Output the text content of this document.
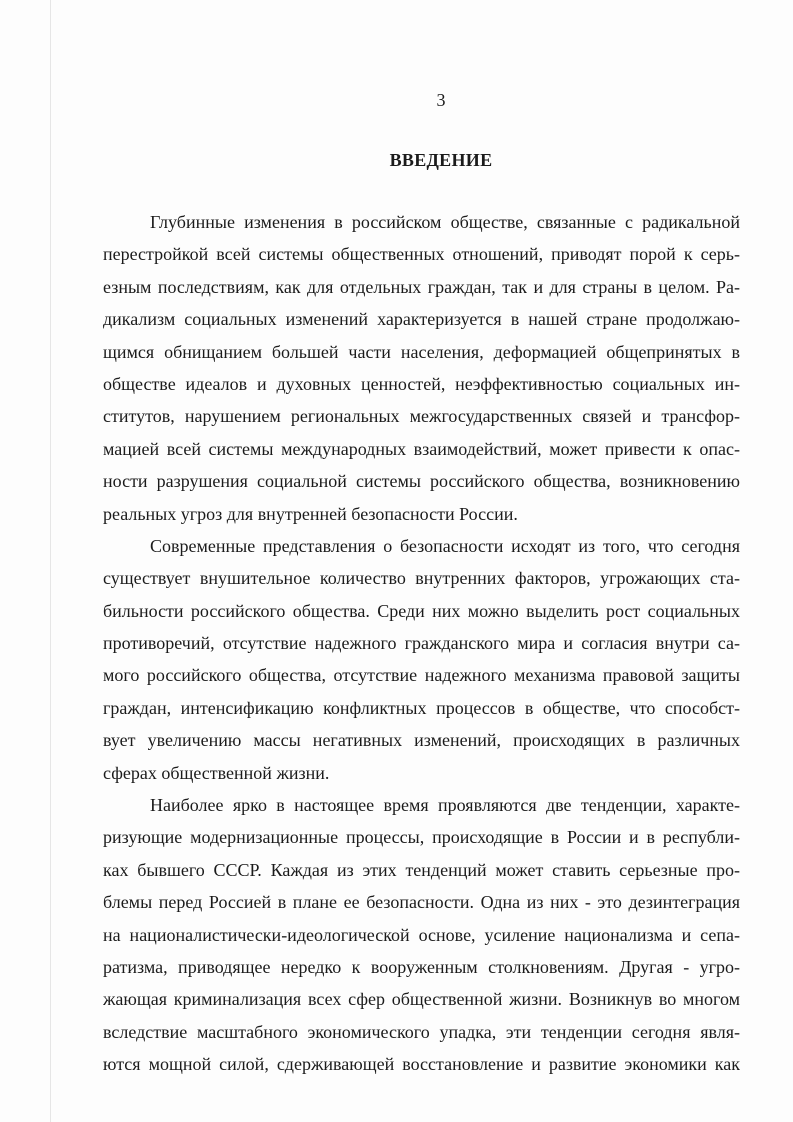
3
ВВЕДЕНИЕ
Глубинные изменения в российском обществе, связанные с радикальной
перестройкой всей системы общественных отношений, приводят порой к серь-
езным последствиям, как для отдельных граждан, так и для страны в целом. Ра-
дикализм социальных изменений характеризуется в нашей стране продолжаю-
щимся обнищанием большей части населения, деформацией общепринятых в
обществе идеалов и духовных ценностей, неэффективностью социальных ин-
ститутов, нарушением региональных межгосударственных связей и трансфор-
мацией всей системы международных взаимодействий, может привести к опас-
ности разрушения социальной системы российского общества, возникновению
реальных угроз для внутренней безопасности России.
Современные представления о безопасности исходят из того, что сегодня
существует внушительное количество внутренних факторов, угрожающих ста-
бильности российского общества. Среди них можно выделить рост социальных
противоречий, отсутствие надежного гражданского мира и согласия внутри са-
мого российского общества, отсутствие надежного механизма правовой защиты
граждан, интенсификацию конфликтных процессов в обществе, что способст-
вует увеличению массы негативных изменений, происходящих в различных
сферах общественной жизни.
Наиболее ярко в настоящее время проявляются две тенденции, характе-
ризующие модернизационные процессы, происходящие в России и в республи-
ках бывшего СССР. Каждая из этих тенденций может ставить серьезные про-
блемы перед Россией в плане ее безопасности. Одна из них - это дезинтеграция
на националистически-идеологической основе, усиление национализма и сепа-
ратизма, приводящее нередко к вооруженным столкновениям. Другая - угро-
жающая криминализация всех сфер общественной жизни. Возникнув во многом
вследствие масштабного экономического упадка, эти тенденции сегодня явля-
ются мощной силой, сдерживающей восстановление и развитие экономики как
